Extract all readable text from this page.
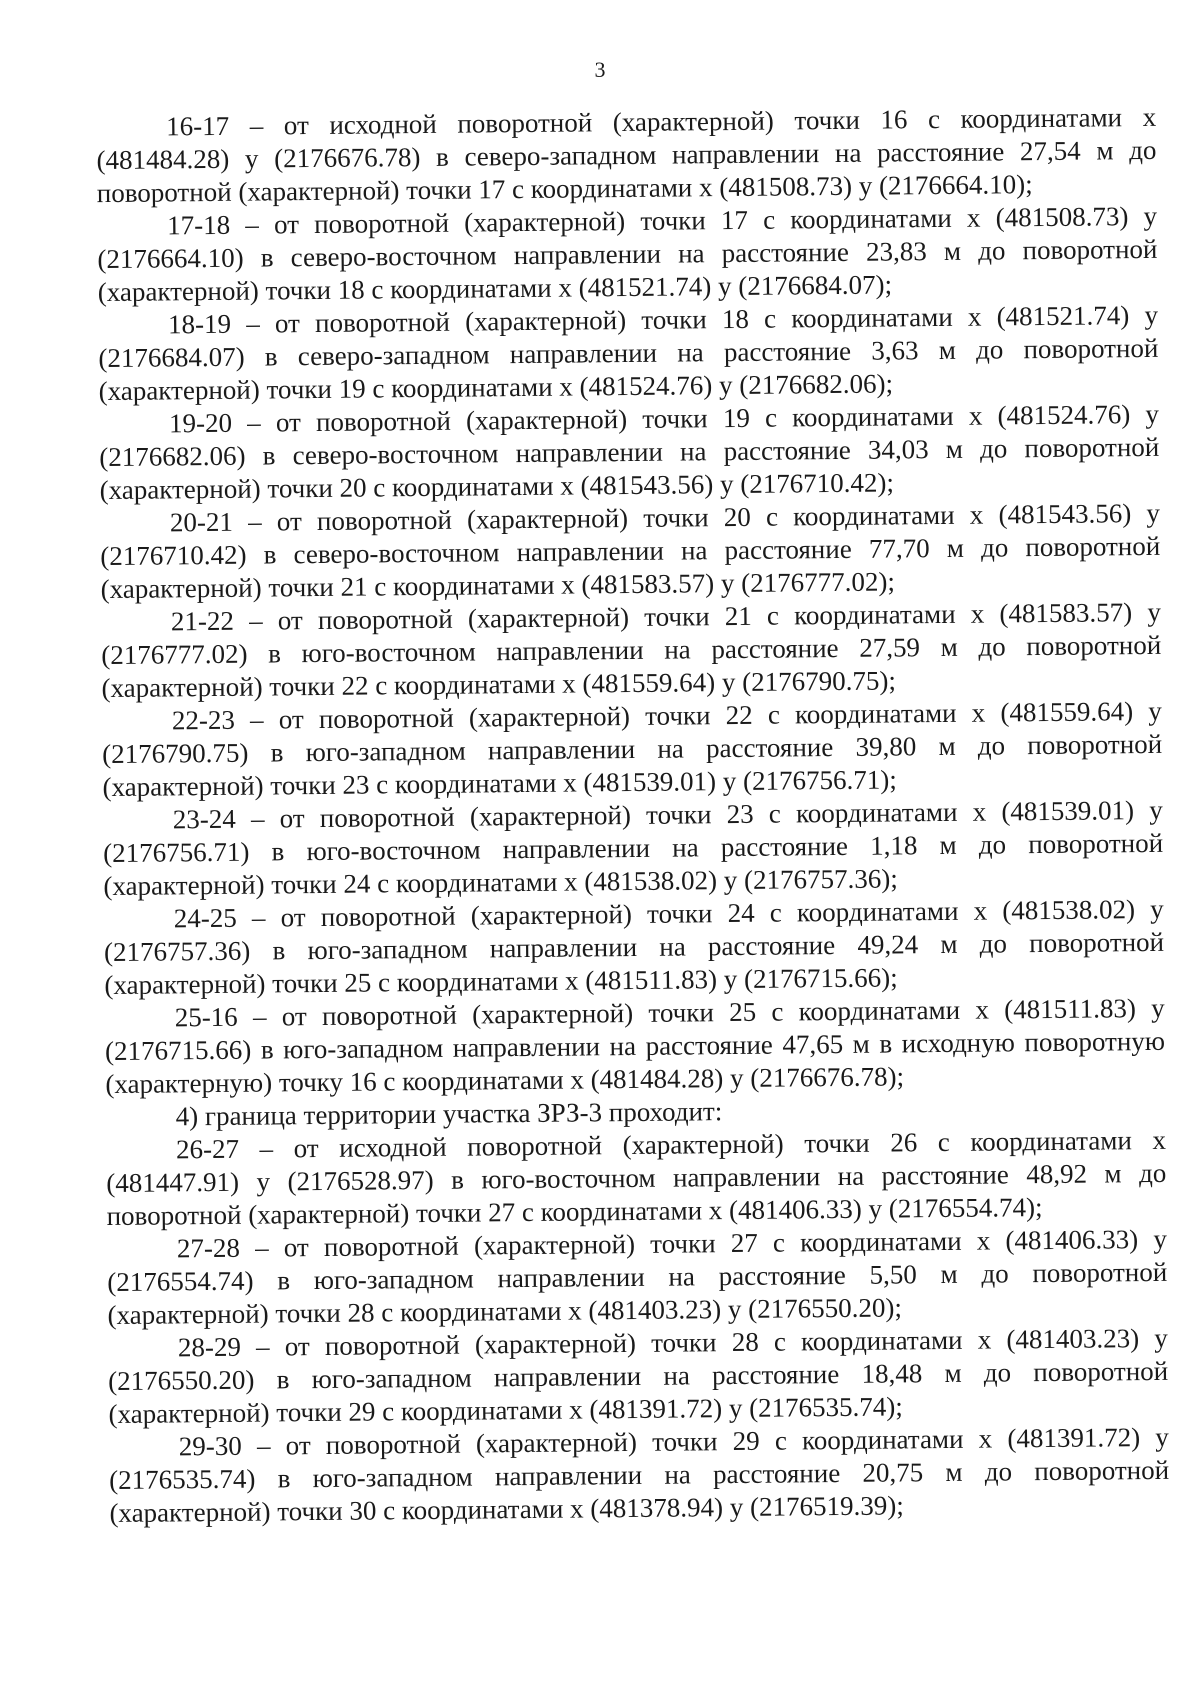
3

16-17 – от исходной поворотной (характерной) точки 16 с координатами х (481484.28) у (2176676.78) в северо-западном направлении на расстояние 27,54 м до поворотной (характерной) точки 17 с координатами х (481508.73) у (2176664.10);

17-18 – от поворотной (характерной) точки 17 с координатами х (481508.73) у (2176664.10) в северо-восточном направлении на расстояние 23,83 м до поворотной (характерной) точки 18 с координатами х (481521.74) у (2176684.07);

18-19 – от поворотной (характерной) точки 18 с координатами х (481521.74) у (2176684.07) в северо-западном направлении на расстояние 3,63 м до поворотной (характерной) точки 19 с координатами х (481524.76) у (2176682.06);

19-20 – от поворотной (характерной) точки 19 с координатами х (481524.76) у (2176682.06) в северо-восточном направлении на расстояние 34,03 м до поворотной (характерной) точки 20 с координатами х (481543.56) у (2176710.42);

20-21 – от поворотной (характерной) точки 20 с координатами х (481543.56) у (2176710.42) в северо-восточном направлении на расстояние 77,70 м до поворотной (характерной) точки 21 с координатами х (481583.57) у (2176777.02);

21-22 – от поворотной (характерной) точки 21 с координатами х (481583.57) у (2176777.02) в юго-восточном направлении на расстояние 27,59 м до поворотной (характерной) точки 22 с координатами х (481559.64) у (2176790.75);

22-23 – от поворотной (характерной) точки 22 с координатами х (481559.64) у (2176790.75) в юго-западном направлении на расстояние 39,80 м до поворотной (характерной) точки 23 с координатами х (481539.01) у (2176756.71);

23-24 – от поворотной (характерной) точки 23 с координатами х (481539.01) у (2176756.71) в юго-восточном направлении на расстояние 1,18 м до поворотной (характерной) точки 24 с координатами х (481538.02) у (2176757.36);

24-25 – от поворотной (характерной) точки 24 с координатами х (481538.02) у (2176757.36) в юго-западном направлении на расстояние 49,24 м до поворотной (характерной) точки 25 с координатами х (481511.83) у (2176715.66);

25-16 – от поворотной (характерной) точки 25 с координатами х (481511.83) у (2176715.66) в юго-западном направлении на расстояние 47,65 м в исходную поворотную (характерную) точку 16 с координатами х (481484.28) у (2176676.78);

4) граница территории участка ЗРЗ-3 проходит:

26-27 – от исходной поворотной (характерной) точки 26 с координатами х (481447.91) у (2176528.97) в юго-восточном направлении на расстояние 48,92 м до поворотной (характерной) точки 27 с координатами х (481406.33) у (2176554.74);

27-28 – от поворотной (характерной) точки 27 с координатами х (481406.33) у (2176554.74) в юго-западном направлении на расстояние 5,50 м до поворотной (характерной) точки 28 с координатами х (481403.23) у (2176550.20);

28-29 – от поворотной (характерной) точки 28 с координатами х (481403.23) у (2176550.20) в юго-западном направлении на расстояние 18,48 м до поворотной (характерной) точки 29 с координатами х (481391.72) у (2176535.74);

29-30 – от поворотной (характерной) точки 29 с координатами х (481391.72) у (2176535.74) в юго-западном направлении на расстояние 20,75 м до поворотной (характерной) точки 30 с координатами х (481378.94) у (2176519.39);
